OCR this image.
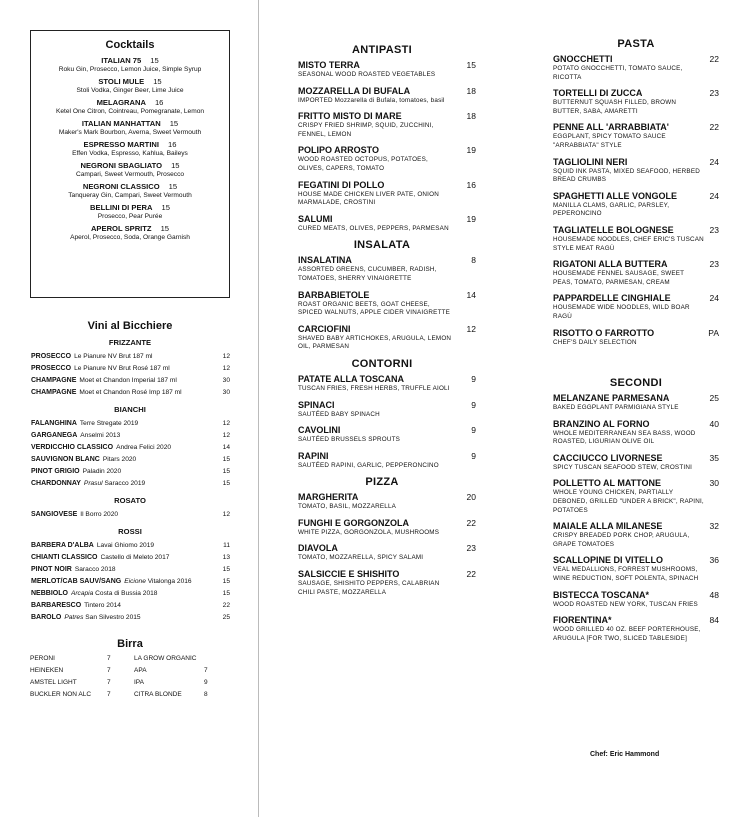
Cocktails
ITALIAN 75 15
Roku Gin, Prosecco, Lemon Juice, Simple Syrup
STOLI MULE 15
Stoli Vodka, Ginger Beer, Lime Juice
MELAGRANA 16
Ketel One Citron, Cointreau, Pomegranate, Lemon
ITALIAN MANHATTAN 15
Maker's Mark Bourbon, Averna, Sweet Vermouth
ESPRESSO MARTINI 16
Effen Vodka, Espresso, Kahlua, Baileys
NEGRONI SBAGLIATO 15
Campari, Sweet Vermouth, Prosecco
NEGRONI CLASSICO 15
Tanqueray Gin, Campari, Sweet Vermouth
BELLINI DI PERA 15
Prosecco, Pear Purée
APEROL SPRITZ 15
Aperol, Prosecco, Soda, Orange Garnish
Vini al Bicchiere
FRIZZANTE
PROSECCO Le Pianure NV Brut 187 ml	12
PROSECCO Le Pianure NV Brut Rosé 187 ml	12
CHAMPAGNE Moet et Chandon Imperial 187 ml	30
CHAMPAGNE Moet et Chandon Rosé Imp 187 ml	30
BIANCHI
FALANGHINA Terre Stregate 2019	12
GARGANEGA Anselmi 2013	12
VERDICCHIO CLASSICO Andrea Felici 2020	14
SAUVIGNON BLANC Pitars 2020	15
PINOT GRIGIO Paladin 2020	15
CHARDONNAY Prasul Saracco 2019	15
ROSATO
SANGIOVESE Il Borro 2020	12
ROSSI
BARBERA D'ALBA Lavai Ghiomo 2019	11
CHIANTI CLASSICO Castello di Meleto 2017	13
PINOT NOIR Saracco 2018	15
MERLOT/CAB SAUV/SANG Eicione Vitalonga 2016	15
NEBBIOLO Arcapia Costa di Bussia 2018	15
BARBARESCO Tintero 2014	22
BAROLO Patres San Silvestro 2015	25
Birra
PERONI	7	LA GROW ORGANIC
HEINEKEN	7	APA	7
AMSTEL LIGHT	7	IPA	9
BUCKLER NON ALC	7	CITRA BLONDE	8
ANTIPASTI
MISTO TERRA	15
SEASONAL WOOD ROASTED VEGETABLES
MOZZARELLA DI BUFALA	18
IMPORTED Mozzarella di Bufala, tomatoes, basil
FRITTO MISTO DI MARE	18
CRISPY FRIED SHRIMP, SQUID, ZUCCHINI, FENNEL, LEMON
POLIPO ARROSTO	19
WOOD ROASTED OCTOPUS, POTATOES, OLIVES, CAPERS, TOMATO
FEGATINI DI POLLO	16
HOUSE MADE CHICKEN LIVER PATE, ONION MARMALADE, CROSTINI
SALUMI	19
CURED MEATS, OLIVES, PEPPERS, PARMESAN
INSALATA
INSALATINA	8
ASSORTED GREENS, CUCUMBER, RADISH, TOMATOES, SHERRY VINAIGRETTE
BARBABIETOLE	14
ROAST ORGANIC BEETS, GOAT CHEESE, SPICED WALNUTS, APPLE CIDER VINAIGRETTE
CARCIOFINI	12
SHAVED BABY ARTICHOKES, ARUGULA, LEMON OIL, PARMESAN
CONTORNI
PATATE ALLA TOSCANA	9
TUSCAN FRIES, FRESH HERBS, TRUFFLE AIOLI
SPINACI	9
SAUTÉED BABY SPINACH
CAVOLINI	9
SAUTÉED BRUSSELS SPROUTS
RAPINI	9
SAUTÉED RAPINI, GARLIC, PEPPERONCINO
PIZZA
MARGHERITA	20
TOMATO, BASIL, MOZZARELLA
FUNGHI E GORGONZOLA	22
WHITE PIZZA, GORGONZOLA, MUSHROOMS
DIAVOLA	23
TOMATO, MOZZARELLA, SPICY SALAMI
SALSICCIE E SHISHITO	22
SAUSAGE, SHISHITO PEPPERS, CALABRIAN CHILI PASTE, MOZZARELLA
PASTA
GNOCCHETTI	22
POTATO GNOCCHETTI, TOMATO SAUCE, RICOTTA
TORTELLI DI ZUCCA	23
BUTTERNUT SQUASH FILLED, BROWN BUTTER, SABA, AMARETTI
PENNE ALL 'ARRABBIATA'	22
EGGPLANT, SPICY TOMATO SAUCE "ARRABBIATA" STYLE
TAGLIOLINI NERI	24
SQUID INK PASTA, MIXED SEAFOOD, HERBED BREAD CRUMBS
SPAGHETTI ALLE VONGOLE	24
MANILLA CLAMS, GARLIC, PARSLEY, PEPERONCINO
TAGLIATELLE BOLOGNESE	23
HOUSEMADE NOODLES, CHEF ERIC'S TUSCAN STYLE MEAT RAGÙ
RIGATONI ALLA BUTTERA	23
HOUSEMADE FENNEL SAUSAGE, SWEET PEAS, TOMATO, PARMESAN, CREAM
PAPPARDELLE CINGHIALE	24
HOUSEMADE WIDE NOODLES, WILD BOAR RAGÙ
RISOTTO O FARROTTO	PA
CHEF'S DAILY SELECTION
SECONDI
MELANZANE PARMESANA	25
BAKED EGGPLANT PARMIGIANA STYLE
BRANZINO AL FORNO	40
WHOLE MEDITERRANEAN SEA BASS, WOOD ROASTED, LIGURIAN OLIVE OIL
CACCIUCCO LIVORNESE	35
SPICY TUSCAN SEAFOOD STEW, CROSTINI
POLLETTO AL MATTONE	30
WHOLE YOUNG CHICKEN, PARTIALLY DEBONED, GRILLED "UNDER A BRICK", RAPINI, POTATOES
MAIALE ALLA MILANESE	32
CRISPY BREADED PORK CHOP, ARUGULA, GRAPE TOMATOES
SCALLOPINE DI VITELLO	36
VEAL MEDALLIONS, FORREST MUSHROOMS, WINE REDUCTION, SOFT POLENTA, SPINACH
BISTECCA TOSCANA*	48
WOOD ROASTED NEW YORK, TUSCAN FRIES
FIORENTINA*	84
WOOD GRILLED 40 OZ. BEEF PORTERHOUSE, ARUGULA [FOR TWO, SLICED TABLESIDE]
Chef: Eric Hammond
